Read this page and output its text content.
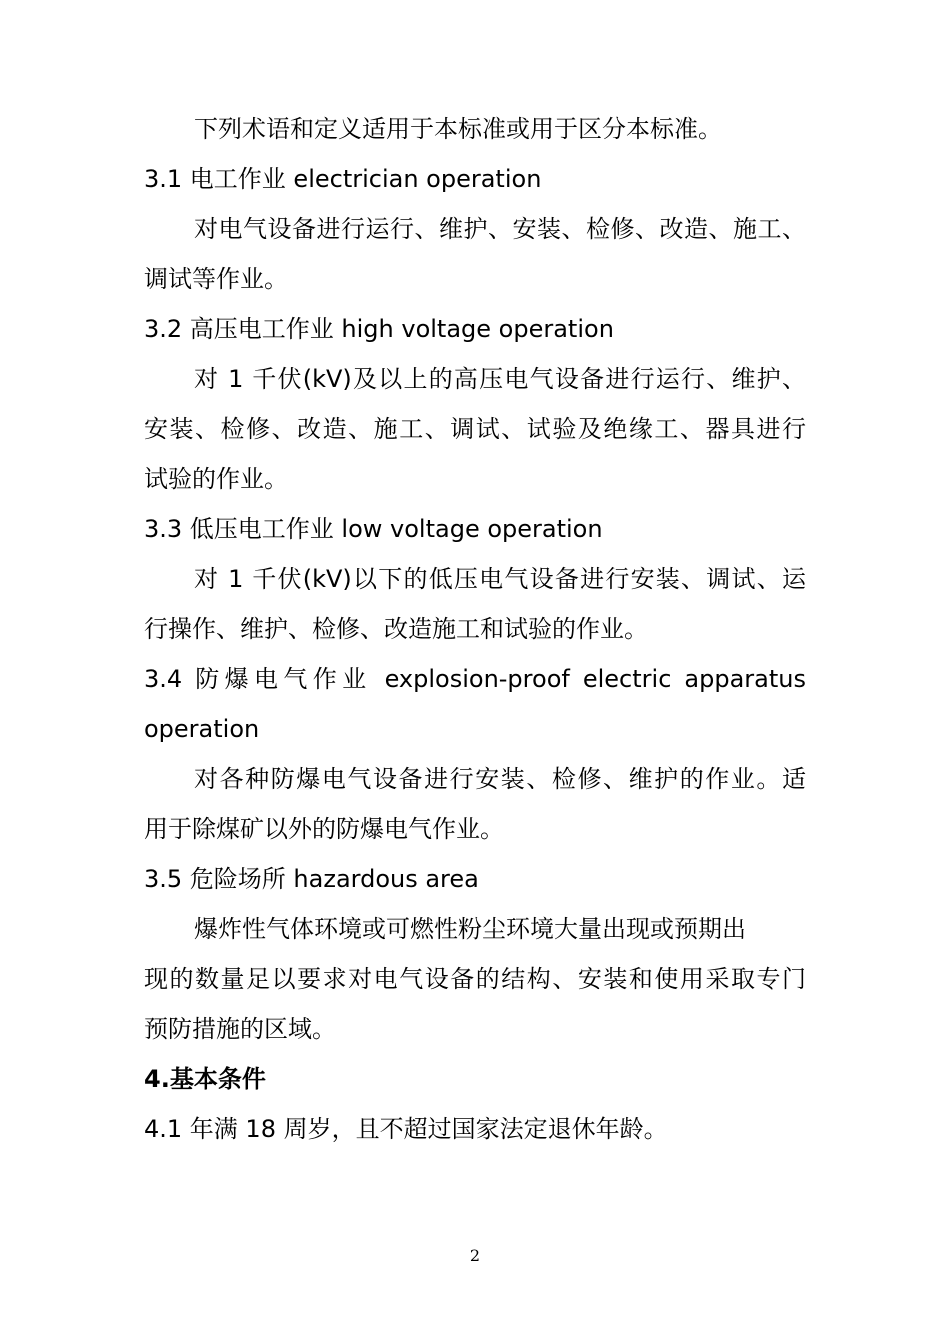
下列术语和定义适用于本标准或用于区分本标准。
3.1 电工作业 electrician operation
对电气设备进行运行、维护、安装、检修、改造、施工、
调试等作业。
3.2 高压电工作业 high voltage operation
对 1 千伏(kV)及以上的高压电气设备进行运行、维护、
安装、检修、改造、施工、调试、试验及绝缘工、器具进行
试验的作业。
3.3 低压电工作业 low voltage operation
对 1 千伏(kV)以下的低压电气设备进行安装、调试、运
行操作、维护、检修、改造施工和试验的作业。
3.4 防爆电气作业 explosion-proof electric apparatus
operation
对各种防爆电气设备进行安装、检修、维护的作业。适
用于除煤矿以外的防爆电气作业。
3.5 危险场所 hazardous area
爆炸性气体环境或可燃性粉尘环境大量出现或预期出
现的数量足以要求对电气设备的结构、安装和使用采取专门
预防措施的区域。
4.基本条件
4.1 年满 18 周岁，且不超过国家法定退休年龄。
2
